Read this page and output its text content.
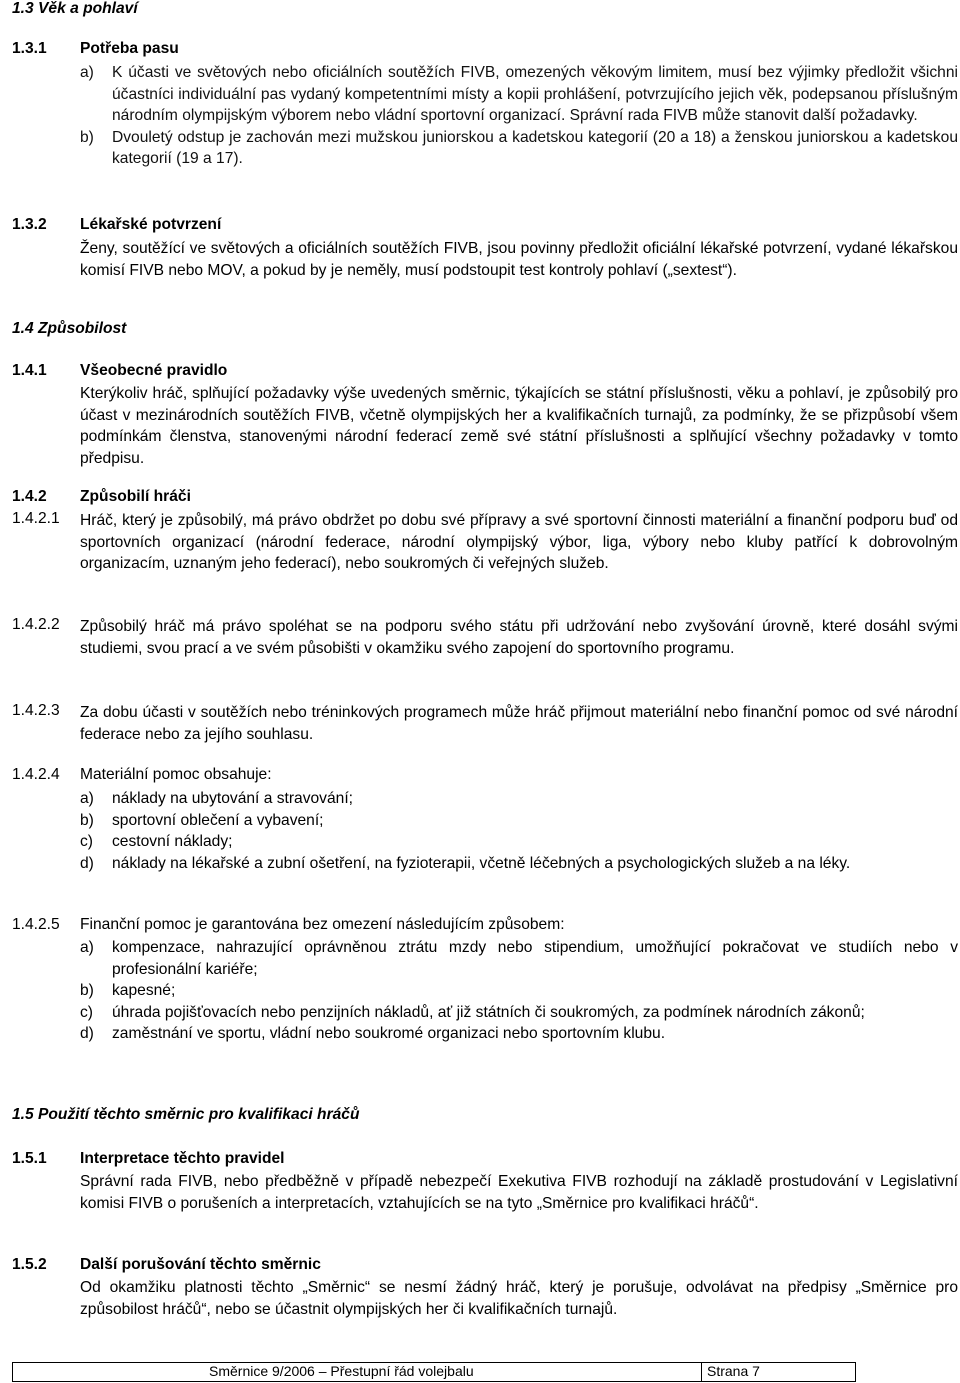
1.3 Věk a pohlaví
1.3.1 Potřeba pasu
a) K účasti ve světových nebo oficiálních soutěžích FIVB, omezených věkovým limitem, musí bez výjimky předložit všichni účastníci individuální pas vydaný kompetentními místy a kopii prohlášení, potvrzujícího jejich věk, podepsanou příslušným národním olympijským výborem nebo vládní sportovní organizací. Správní rada FIVB může stanovit další požadavky.
b) Dvouletý odstup je zachován mezi mužskou juniorskou a kadetskou kategorií (20 a 18) a ženskou juniorskou a kadetskou kategorií (19 a 17).
1.3.2 Lékařské potvrzení
Ženy, soutěžící ve světových a oficiálních soutěžích FIVB, jsou povinny předložit oficiální lékařské potvrzení, vydané lékařskou komisí FIVB nebo MOV, a pokud by je neměly, musí podstoupit test kontroly pohlaví („sextest“).
1.4 Způsobilost
1.4.1 Všeobecné pravidlo
Kterýkoliv hráč, splňující požadavky výše uvedených směrnic, týkajících se státní příslušnosti, věku a pohlaví, je způsobilý pro účast v mezinárodních soutěžích FIVB, včetně olympijských her a kvalifikačních turnajů, za podmínky, že se přizpůsobí všem podmínkám členstva, stanovenými národní federací země své státní příslušnosti a splňující všechny požadavky v tomto předpisu.
1.4.2 Způsobilí hráči
1.4.2.1 Hráč, který je způsobilý, má právo obdržet po dobu své přípravy a své sportovní činnosti materiální a finanční podporu buď od sportovních organizací (národní federace, národní olympijský výbor, liga, výbory nebo kluby patřící k dobrovolným organizacím, uznaným jeho federací), nebo soukromých či veřejných služeb.
1.4.2.2 Způsobilý hráč má právo spoléhat se na podporu svého státu při udržování nebo zvyšování úrovně, které dosáhl svými studiemi, svou prací a ve svém působišti v okamžiku svého zapojení do sportovního programu.
1.4.2.3 Za dobu účasti v soutěžích nebo tréninkových programech může hráč přijmout materiální nebo finanční pomoc od své národní federace nebo za jejího souhlasu.
1.4.2.4 Materiální pomoc obsahuje:
a) náklady na ubytování a stravování;
b) sportovní oblečení a vybavení;
c) cestovní náklady;
d) náklady na lékařské a zubní ošetření, na fyzioterapii, včetně léčebných a psychologických služeb a na léky.
1.4.2.5 Finanční pomoc je garantována bez omezení následujícím způsobem:
a) kompenzace, nahrazující oprávněnou ztrátu mzdy nebo stipendium, umožňující pokračovat ve studiích nebo v profesionální kariéře;
b) kapesné;
c) úhrada pojišťovacích nebo penzijních nákladů, ať již státních či soukromých, za podmínek národních zákonů;
d) zaměstnání ve sportu, vládní nebo soukromé organizaci nebo sportovním klubu.
1.5 Použití těchto směrnic pro kvalifikaci hráčů
1.5.1 Interpretace těchto pravidel
Správní rada FIVB, nebo předběžně v případě nebezpečí Exekutiva FIVB rozhodují na základě prostudování v Legislativní komisi FIVB o porušeních a interpretacích, vztahujících se na tyto „Směrnice pro kvalifikaci hráčů“.
1.5.2 Další porušování těchto směrnic
Od okamžiku platnosti těchto „Směrnic“ se nesmí žádný hráč, který je porušuje, odvolávat na předpisy „Směrnice pro způsobilost hráčů“, nebo se účastnit olympijských her či kvalifikačních turnajů.
Směrnice 9/2006 – Přestupní řád volejbalu	Strana 7
